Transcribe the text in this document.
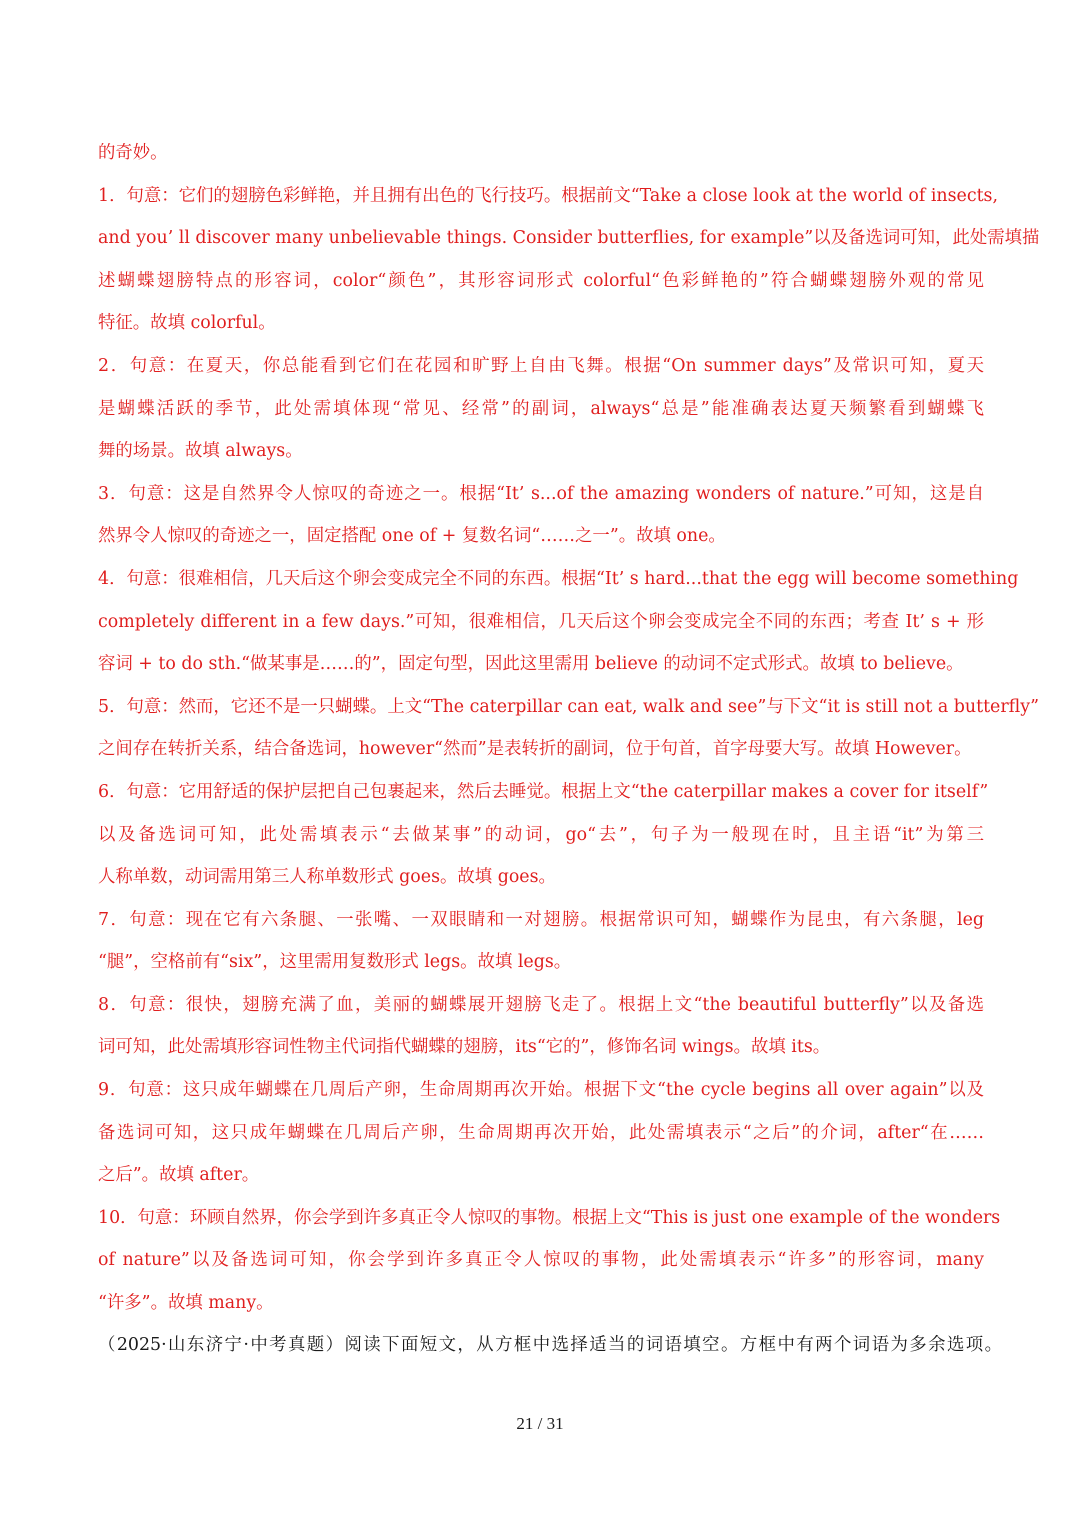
的奇妙。
1．句意：它们的翅膀色彩鲜艳，并且拥有出色的飞行技巧。根据前文“Take a close look at the world of insects,
and you’ ll discover many unbelievable things. Consider butterflies, for example”以及备选词可知，此处需填描
述蝴蝶翅膀特点的形容词，color“颜色”，其形容词形式 colorful“色彩鲜艳的”符合蝴蝶翅膀外观的常见
特征。故填 colorful。
2．句意：在夏天，你总能看到它们在花园和旷野上自由飞舞。根据“On summer days”及常识可知，夏天
是蝴蝶活跃的季节，此处需填体现“常见、经常”的副词，always“总是”能准确表达夏天频繁看到蝴蝶飞
舞的场景。故填 always。
3．句意：这是自然界令人惊叹的奇迹之一。根据“It’ s...of the amazing wonders of nature.”可知，这是自
然界令人惊叹的奇迹之一，固定搭配 one of + 复数名词“……之一”。故填 one。
4．句意：很难相信，几天后这个卵会变成完全不同的东西。根据“It’ s hard...that the egg will become something
completely different in a few days.”可知，很难相信，几天后这个卵会变成完全不同的东西；考查 It’ s + 形
容词 + to do sth.“做某事是……的”，固定句型，因此这里需用 believe 的动词不定式形式。故填 to believe。
5．句意：然而，它还不是一只蝴蝶。上文“The caterpillar can eat, walk and see”与下文“it is still not a butterfly”
之间存在转折关系，结合备选词，however“然而”是表转折的副词，位于句首，首字母要大写。故填 However。
6．句意：它用舒适的保护层把自己包裹起来，然后去睡觉。根据上文“the caterpillar makes a cover for itself”
以及备选词可知，此处需填表示“去做某事”的动词，go“去”，句子为一般现在时，且主语“it”为第三
人称单数，动词需用第三人称单数形式 goes。故填 goes。
7．句意：现在它有六条腿、一张嘴、一双眼睛和一对翅膀。根据常识可知，蝴蝶作为昆虫，有六条腿，leg
“腿”，空格前有“six”，这里需用复数形式 legs。故填 legs。
8．句意：很快，翅膀充满了血，美丽的蝴蝶展开翅膀飞走了。根据上文“the beautiful butterfly”以及备选
词可知，此处需填形容词性物主代词指代蝴蝶的翅膀，its“它的”，修饰名词 wings。故填 its。
9．句意：这只成年蝴蝶在几周后产卵，生命周期再次开始。根据下文“the cycle begins all over again”以及
备选词可知，这只成年蝴蝶在几周后产卵，生命周期再次开始，此处需填表示“之后”的介词，after“在……
之后”。故填 after。
10．句意：环顾自然界，你会学到许多真正令人惊叹的事物。根据上文“This is just one example of the wonders
of nature”以及备选词可知，你会学到许多真正令人惊叹的事物，此处需填表示“许多”的形容词，many
“许多”。故填 many。
（2025·山东济宁·中考真题）阅读下面短文，从方框中选择适当的词语填空。方框中有两个词语为多余选项。
21 / 31
